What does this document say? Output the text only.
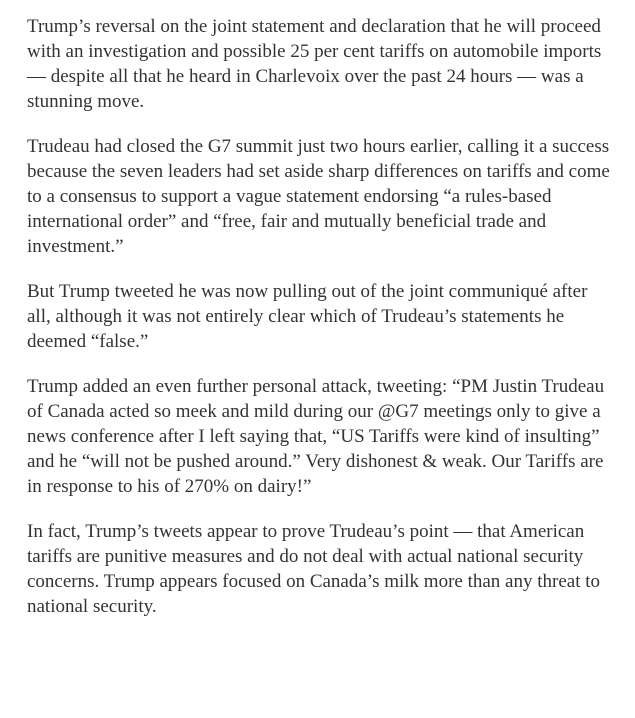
Trump’s reversal on the joint statement and declaration that he will proceed with an investigation and possible 25 per cent tariffs on automobile imports — despite all that he heard in Charlevoix over the past 24 hours — was a stunning move.

Trudeau had closed the G7 summit just two hours earlier, calling it a success because the seven leaders had set aside sharp differences on tariffs and come to a consensus to support a vague statement endorsing “a rules-based international order” and “free, fair and mutually beneficial trade and investment.”

But Trump tweeted he was now pulling out of the joint communiqué after all, although it was not entirely clear which of Trudeau’s statements he deemed “false.”

Trump added an even further personal attack, tweeting: “PM Justin Trudeau of Canada acted so meek and mild during our @G7 meetings only to give a news conference after I left saying that, “US Tariffs were kind of insulting” and he “will not be pushed around.” Very dishonest & weak. Our Tariffs are in response to his of 270% on dairy!”

In fact, Trump’s tweets appear to prove Trudeau’s point — that American tariffs are punitive measures and do not deal with actual national security concerns. Trump appears focused on Canada’s milk more than any threat to national security.
